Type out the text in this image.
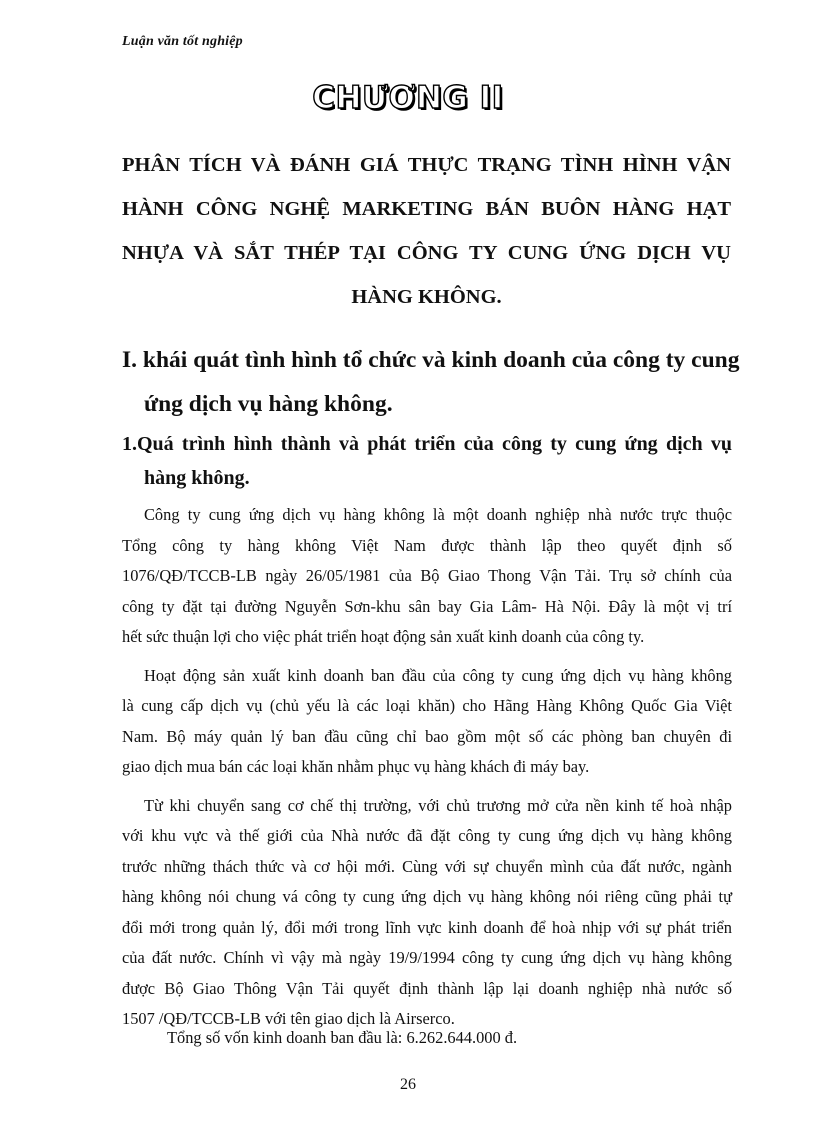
Luận văn tốt nghiệp
CHƯƠNG II
PHÂN TÍCH VÀ ĐÁNH GIÁ THỰC TRẠNG TÌNH HÌNH VẬN
HÀNH CÔNG NGHỆ MARKETING BÁN BUÔN HÀNG HẠT
NHỰA VÀ SẮT THÉP TẠI CÔNG TY CUNG ỨNG DỊCH VỤ
HÀNG KHÔNG.
I. khái quát tình hình tổ chức và kinh doanh của công ty cung
ứng dịch vụ hàng không.
1.Quá trình hình thành và phát triển của công ty cung ứng dịch vụ
hàng không.

Công ty cung ứng dịch vụ hàng không là một doanh nghiệp nhà nước trực thuộc
Tổng công ty hàng không Việt Nam được thành lập theo quyết định số
1076/QĐ/TCCB-LB ngày 26/05/1981 của Bộ Giao Thong Vận Tải. Trụ sở chính của
công ty đặt tại đường Nguyễn Sơn-khu sân bay Gia Lâm- Hà Nội. Đây là một vị trí
hết sức thuận lợi cho việc phát triển hoạt động sản xuất kinh doanh của công ty.

Hoạt động sản xuất kinh doanh ban đầu của công ty cung ứng dịch vụ hàng không
là cung cấp dịch vụ (chủ yếu là các loại khăn) cho Hãng Hàng Không Quốc Gia Việt
Nam. Bộ máy quản lý ban đầu cũng chỉ bao gồm một số các phòng ban chuyên đi
giao dịch mua bán các loại khăn nhằm phục vụ hàng khách đi máy bay.

Từ khi chuyển sang cơ chế thị trường, với chủ trương mở cửa nền kinh tế hoà nhập
với khu vực và thế giới của Nhà nước đã đặt công ty cung ứng dịch vụ hàng không
trước những thách thức và cơ hội mới. Cùng với sự chuyển mình của đất nước, ngành
hàng không nói chung vá công ty cung ứng dịch vụ hàng không nói riêng cũng phải tự
đổi mới trong quản lý, đổi mới trong lĩnh vực kinh doanh để hoà nhịp với sự phát triển
của đất nước. Chính vì vậy mà ngày 19/9/1994 công ty cung ứng dịch vụ hàng không
được Bộ Giao Thông Vận Tải quyết định thành lập lại doanh nghiệp nhà nước số
1507 /QĐ/TCCB-LB với tên giao dịch là Airserco.

Tổng số vốn kinh doanh ban đầu là: 6.262.644.000 đ.
26
